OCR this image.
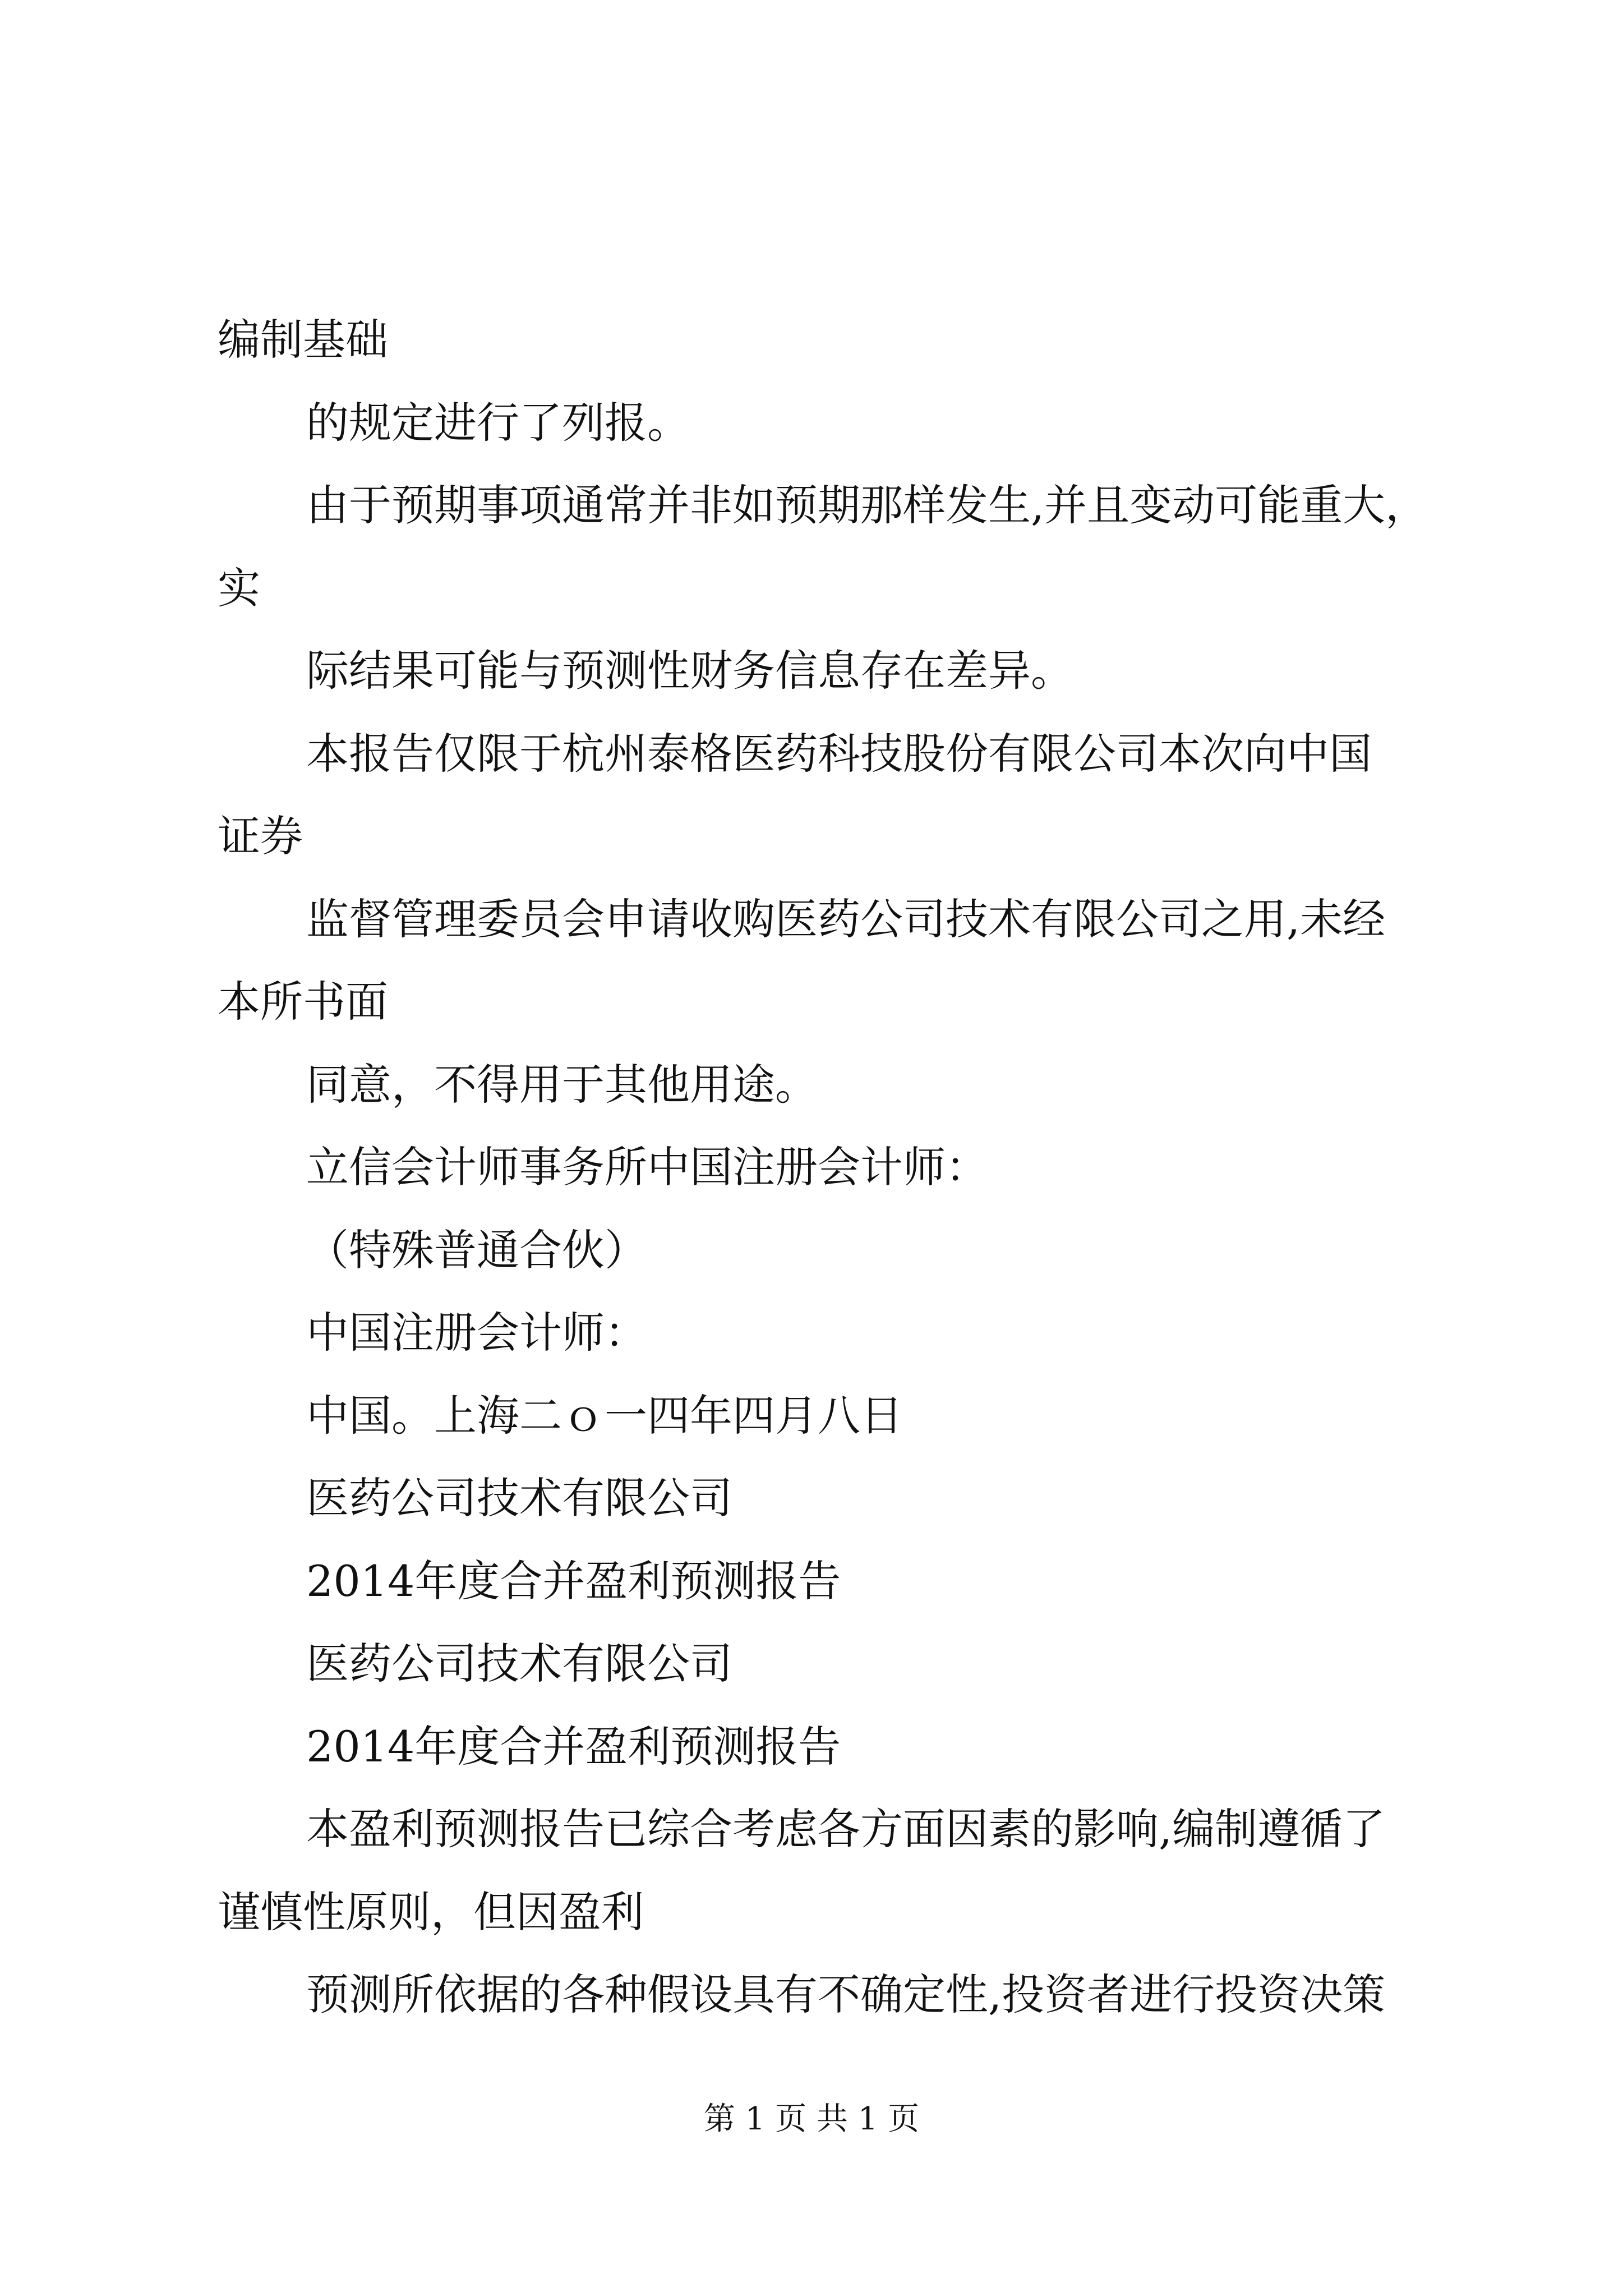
编制基础
的规定进行了列报。
由于预期事项通常并非如预期那样发生,并且变动可能重大，
实
际结果可能与预测性财务信息存在差异。
本报告仅限于杭州泰格医药科技股份有限公司本次向中国
证券
监督管理委员会申请收购医药公司技术有限公司之用,未经
本所书面
同意，不得用于其他用途。
立信会计师事务所中国注册会计师：
（特殊普通合伙）
中国注册会计师：
中国。上海二ｏ一四年四月八日
医药公司技术有限公司
2014年度合并盈利预测报告
医药公司技术有限公司
2014年度合并盈利预测报告
本盈利预测报告已综合考虑各方面因素的影响,编制遵循了
谨慎性原则，但因盈利
预测所依据的各种假设具有不确定性,投资者进行投资决策
第 1 页 共 1 页
